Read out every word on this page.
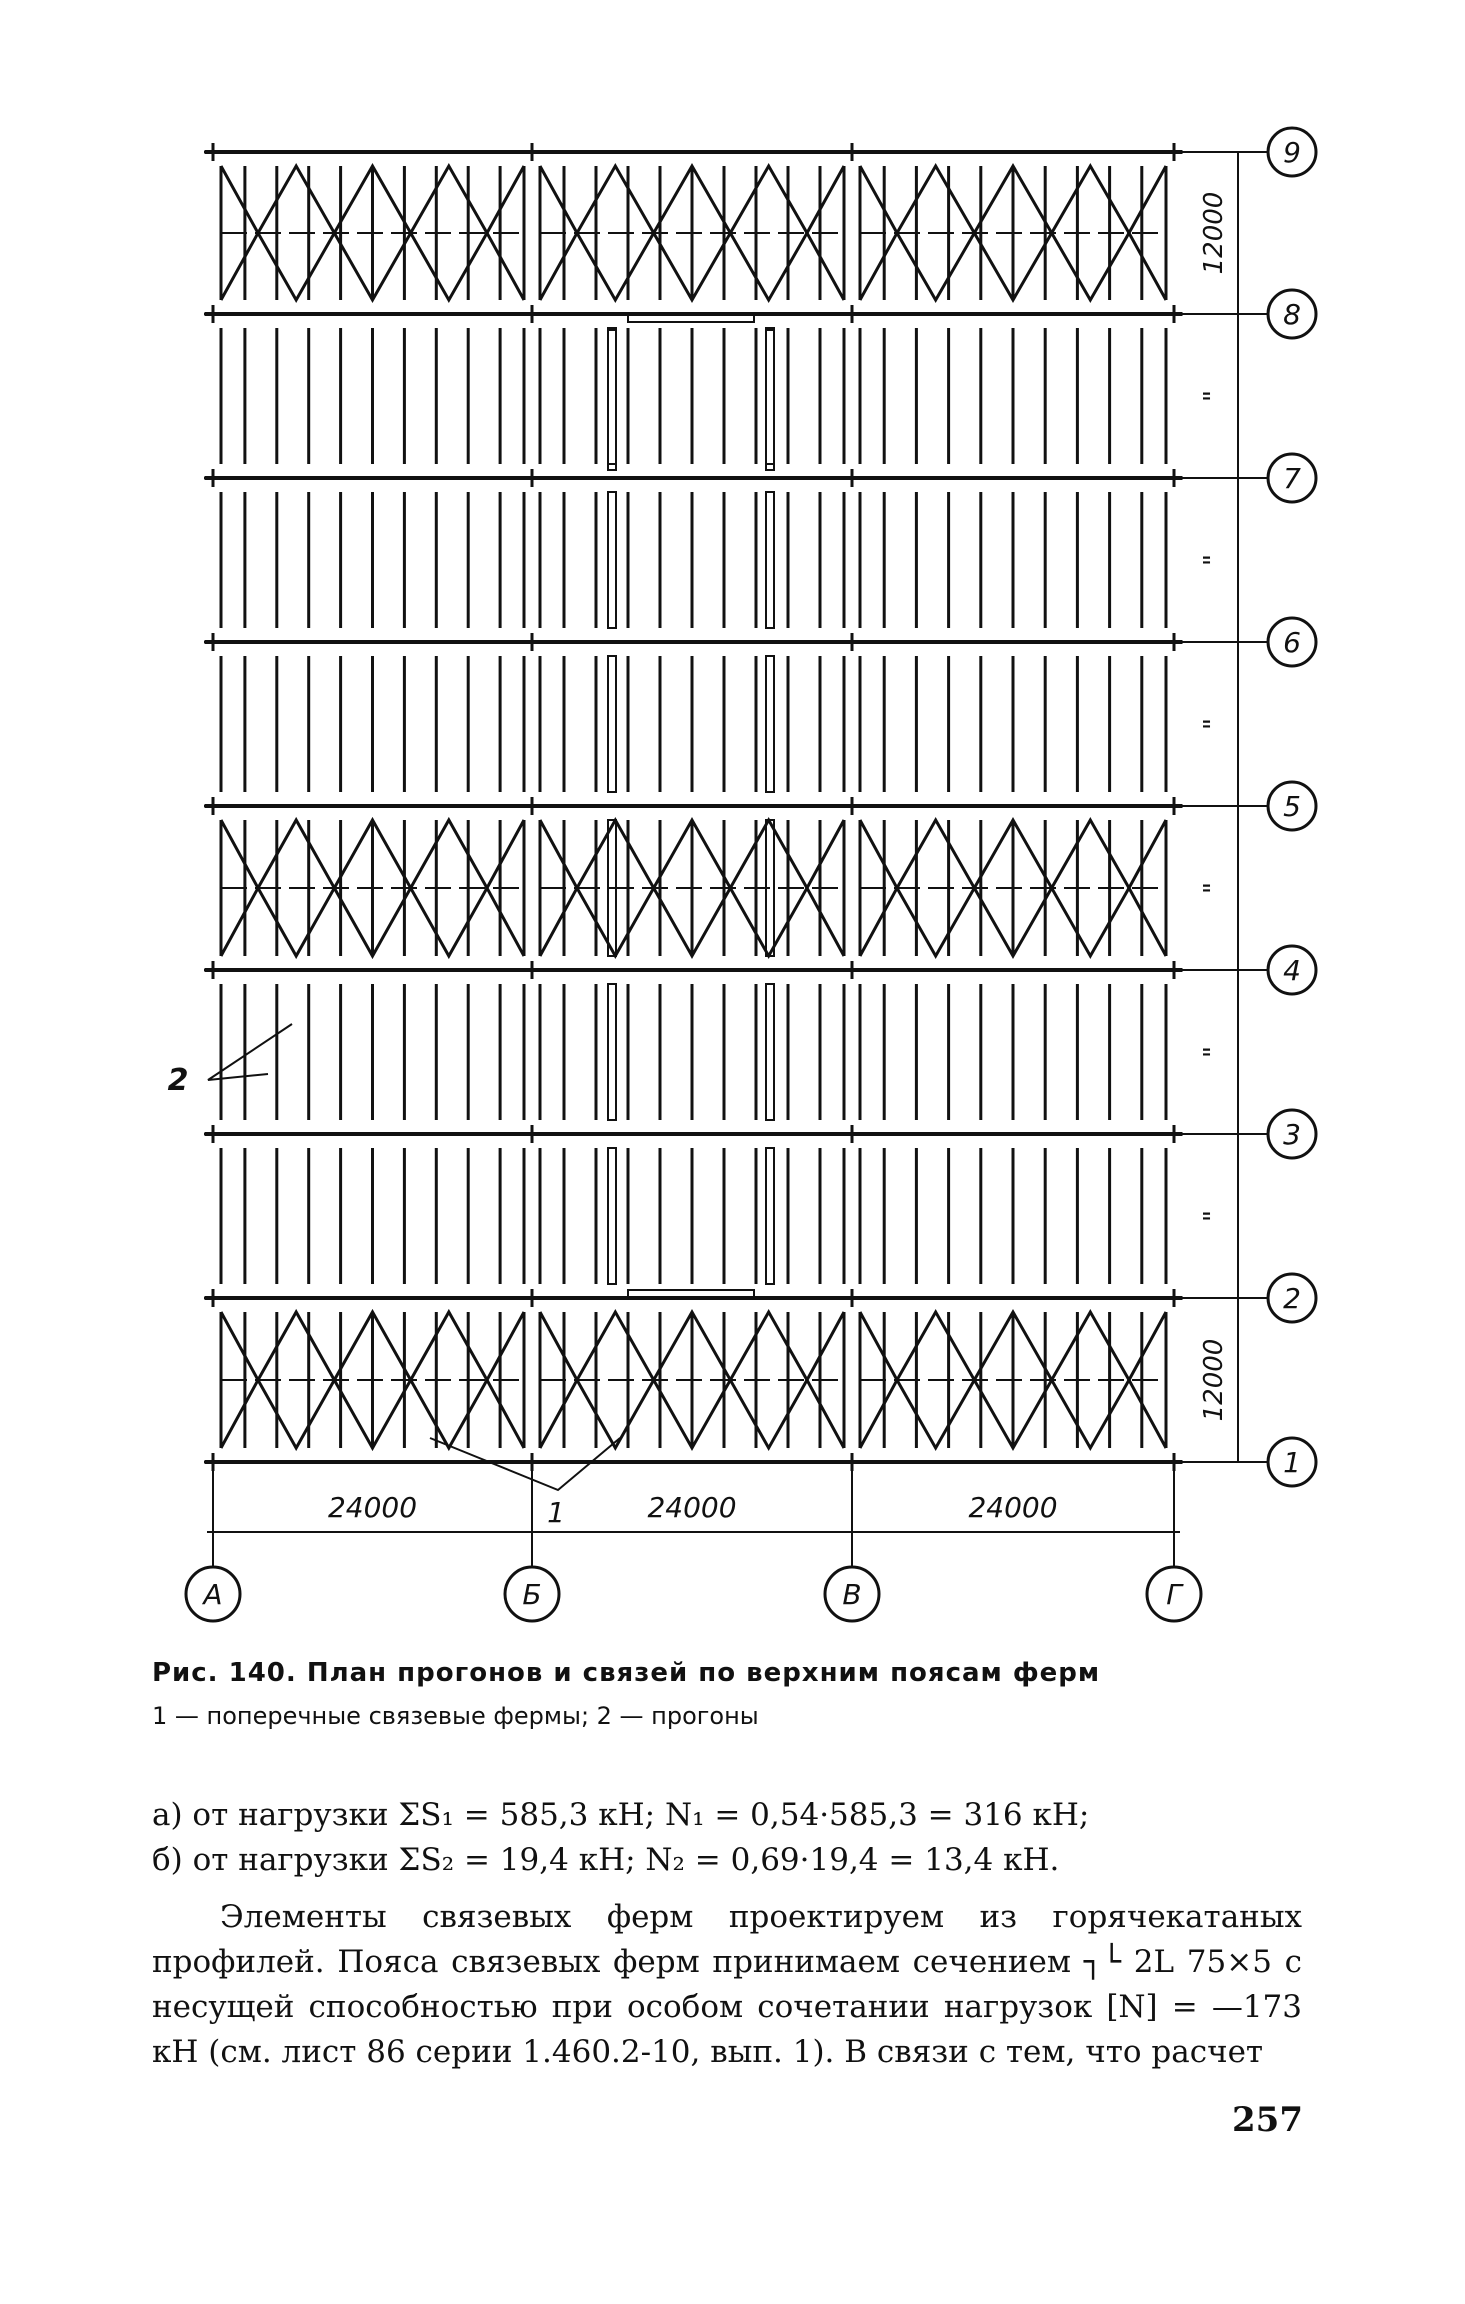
1
2
3
4
5
6
7
8
9
А	Б	В	Г
12000
"
"
"
"
"
"
12000
24000	24000	24000
1
2
Рис. 140. План прогонов и связей по верхним поясам ферм
1 — поперечные связевые фермы; 2 — прогоны

а) от нагрузки ΣS₁ = 585,3 кН; N₁ = 0,54·585,3 = 316 кН;

б) от нагрузки ΣS₂ = 19,4 кН; N₂ = 0,69·19,4 = 13,4 кН.

Элементы связевых ферм проектируем из горячекатаных профилей. Пояса связевых ферм принимаем сечением ┐└ 2L 75×5 с несущей способностью при особом сочетании нагрузок [N] = —173 кН (см. лист 86 серии 1.460.2-10, вып. 1). В связи с тем, что расчет

257
